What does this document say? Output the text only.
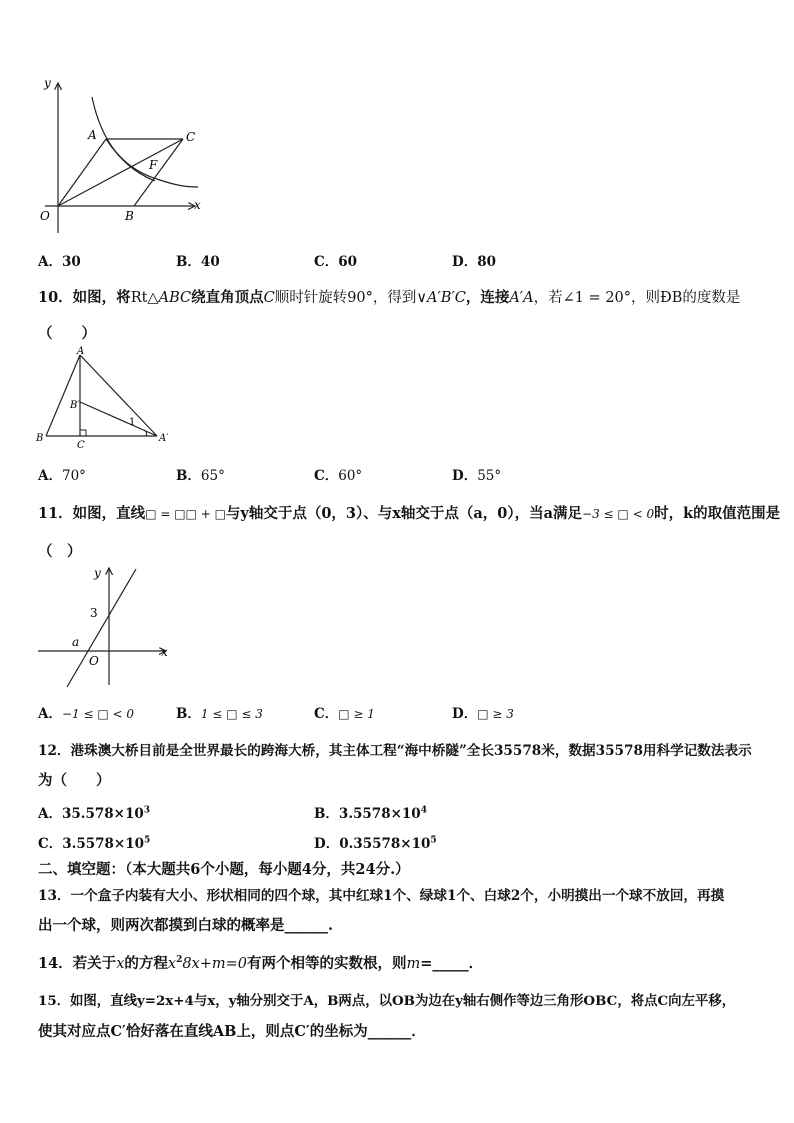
y
x
O
A
B
C
F
A．30	B．40	C．60	D．80
10．如图，将Rt△ABC绕直角顶点C顺时针旋转90°，得到∨A′B′C，连接A′A，若∠1 = 20°，则ÐB的度数是
（　　）
A
B′
B
C
A′
1
A．70°	B．65°	C．60°	D．55°
11．如图，直线□ = □□ + □与y轴交于点（0，3）、与x轴交于点（a，0），当a满足−3 ≤ □ < 0时，k的取值范围是
（　）
y
x
3
a
O
A．−1 ≤ □ < 0	B．1 ≤ □ ≤ 3	C．□ ≥ 1	D．□ ≥ 3
12．港珠澳大桥目前是全世界最长的跨海大桥，其主体工程“海中桥隧”全长35578米，数据35578用科学记数法表示
为（　　）
A．$35.578\times 10^3$	B．$3.5578\times 10^4$
C．$3.5578\times 10^5$	D．$0.35578\times 10^5$
二、填空题：（本大题共6个小题，每小题4分，共24分.）
13．一个盒子内装有大小、形状相同的四个球，其中红球1个、绿球1个、白球2个，小明摸出一个球不放回，再摸
出一个球，则两次都摸到白球的概率是______.
14．若关于x的方程$x^28x+m=0$有两个相等的实数根，则m=_____．
15．如图，直线y=2x+4与x，y轴分别交于A，B两点，以OB为边在y轴右侧作等边三角形OBC，将点C向左平移，
使其对应点C′恰好落在直线AB上，则点C′的坐标为______．
